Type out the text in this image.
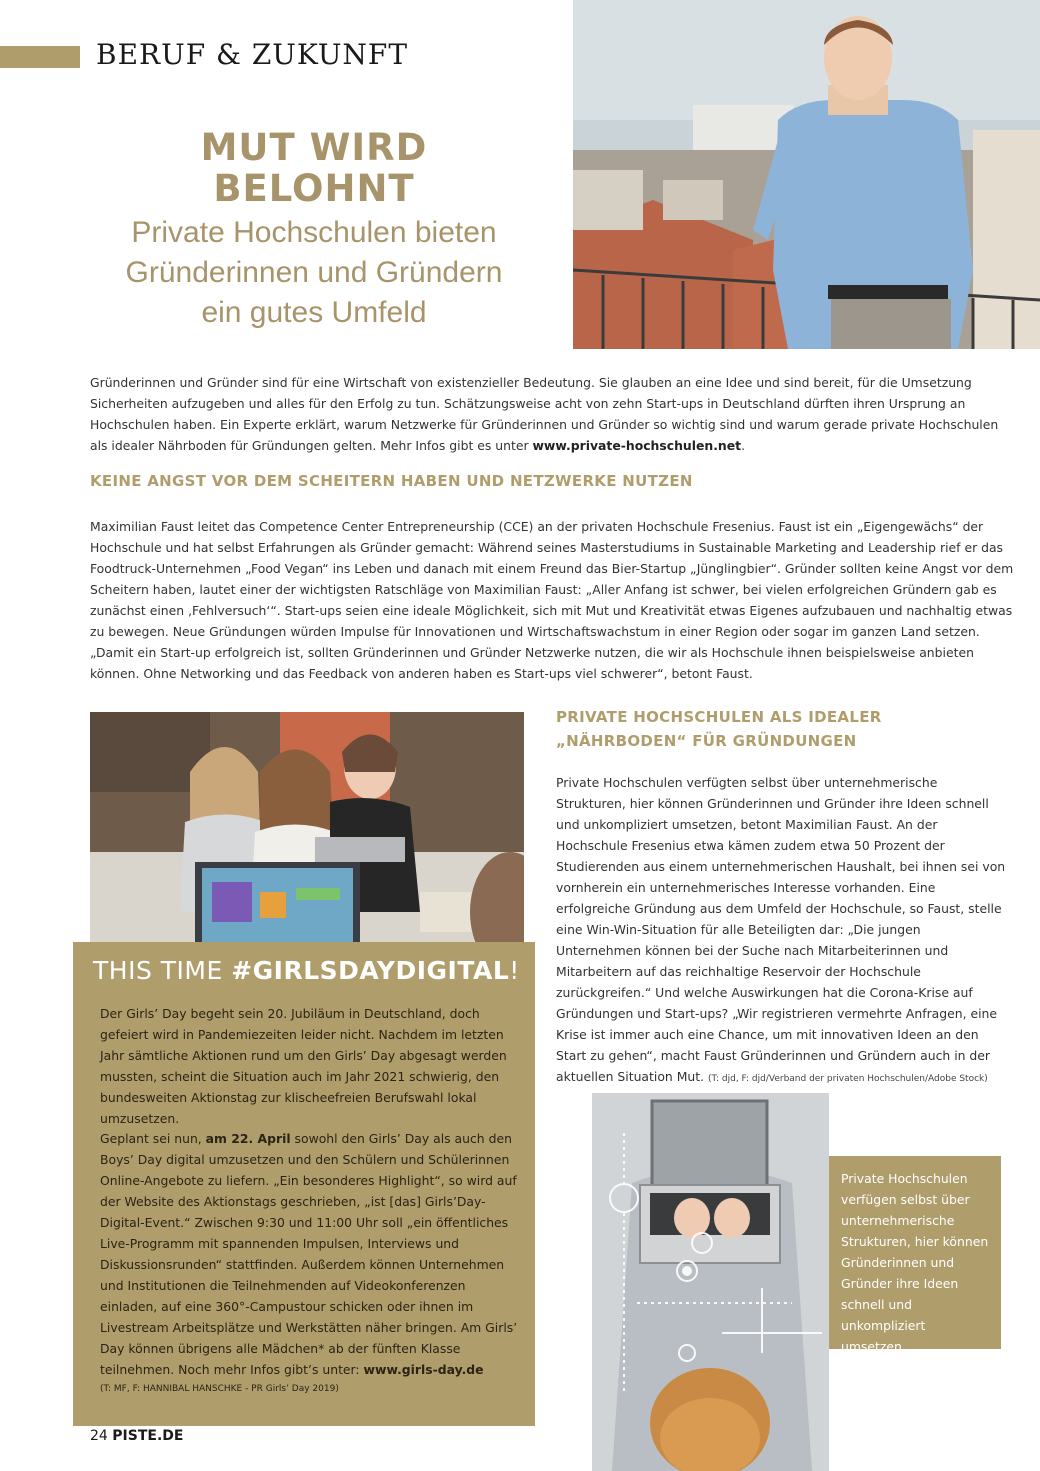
BERUF & ZUKUNFT
MUT WIRD BELOHNT
Private Hochschulen bieten
Gründerinnen und Gründern
ein gutes Umfeld

Gründerinnen und Gründer sind für eine Wirtschaft von existenzieller Bedeutung. Sie glauben an eine Idee und sind bereit, für die Umsetzung Sicherheiten aufzugeben und alles für den Erfolg zu tun. Schätzungsweise acht von zehn Start-ups in Deutschland dürften ihren Ursprung an Hochschulen haben. Ein Experte erklärt, warum Netzwerke für Gründerinnen und Gründer so wichtig sind und warum gerade private Hochschulen als idealer Nährboden für Gründungen gelten. Mehr Infos gibt es unter www.private-hochschulen.net.

KEINE ANGST VOR DEM SCHEITERN HABEN UND NETZWERKE NUTZEN

Maximilian Faust leitet das Competence Center Entrepreneurship (CCE) an der privaten Hochschule Fresenius. Faust ist ein „Eigengewächs“ der Hochschule und hat selbst Erfahrungen als Gründer gemacht: Während seines Masterstudiums in Sustainable Marketing and Leadership rief er das Foodtruck-Unternehmen „Food Vegan“ ins Leben und danach mit einem Freund das Bier-Startup „Jünglingbier“. Gründer sollten keine Angst vor dem Scheitern haben, lautet einer der wichtigsten Ratschläge von Maximilian Faust: „Aller Anfang ist schwer, bei vielen erfolgreichen Gründern gab es zunächst einen ‚Fehlversuch‘“. Start-ups seien eine ideale Möglichkeit, sich mit Mut und Kreativität etwas Eigenes aufzubauen und nachhaltig etwas zu bewegen. Neue Gründungen würden Impulse für Innovationen und Wirtschaftswachstum in einer Region oder sogar im ganzen Land setzen.

„Damit ein Start-up erfolgreich ist, sollten Gründerinnen und Gründer Netzwerke nutzen, die wir als Hochschule ihnen beispielsweise anbieten können. Ohne Networking und das Feedback von anderen haben es Start-ups viel schwerer“, betont Faust.

THIS TIME #GIRLSDAYDIGITAL!

Der Girls’ Day begeht sein 20. Jubiläum in Deutschland, doch gefeiert wird in Pandemiezeiten leider nicht. Nachdem im letzten Jahr sämtliche Aktionen rund um den Girls’ Day abgesagt werden mussten, scheint die Situation auch im Jahr 2021 schwierig, den bundesweiten Aktionstag zur klischeefreien Berufswahl lokal umzusetzen.

Geplant sei nun, am 22. April sowohl den Girls’ Day als auch den Boys’ Day digital umzusetzen und den Schülern und Schülerinnen Online-Angebote zu liefern. „Ein besonderes Highlight“, so wird auf der Website des Aktionstags geschrieben, „ist [das] Girls’Day-Digital-Event.“ Zwischen 9:30 und 11:00 Uhr soll „ein öffentliches Live-Programm mit spannenden Impulsen, Interviews und Diskussionsrunden“ stattfinden. Außerdem können Unternehmen und Institutionen die Teilnehmenden auf Videokonferenzen einladen, auf eine 360°-Campustour schicken oder ihnen im Livestream Arbeitsplätze und Werkstätten näher bringen. Am Girls’ Day können übrigens alle Mädchen* ab der fünften Klasse teilnehmen. Noch mehr Infos gibt’s unter: www.girls-day.de

(T: MF, F: HANNIBAL HANSCHKE - PR Girls’ Day 2019)
PRIVATE HOCHSCHULEN ALS IDEALER
„NÄHRBODEN“ FÜR GRÜNDUNGEN

Private Hochschulen verfügten selbst über unternehmerische Strukturen, hier können Gründerinnen und Gründer ihre Ideen schnell und unkompliziert umsetzen, betont Maximilian Faust. An der Hochschule Fresenius etwa kämen zudem etwa 50 Prozent der Studierenden aus einem unternehmerischen Haushalt, bei ihnen sei von vornherein ein unternehmerisches Interesse vorhanden. Eine erfolgreiche Gründung aus dem Umfeld der Hochschule, so Faust, stelle eine Win-Win-Situation für alle Beteiligten dar: „Die jungen Unternehmen können bei der Suche nach Mitarbeiterinnen und Mitarbeitern auf das reichhaltige Reservoir der Hochschule zurückgreifen.“ Und welche Auswirkungen hat die Corona-Krise auf Gründungen und Start-ups? „Wir registrieren vermehrte Anfragen, eine Krise ist immer auch eine Chance, um mit innovativen Ideen an den Start zu gehen“, macht Faust Gründerinnen und Gründern auch in der aktuellen Situation Mut. (T: djd, F: djd/Verband der privaten Hochschulen/Adobe Stock)

Private Hochschulen verfügen selbst über unternehmerische Strukturen, hier können Gründerinnen und Gründer ihre Ideen schnell und unkompliziert umsetzen.
24 PISTE.DE
